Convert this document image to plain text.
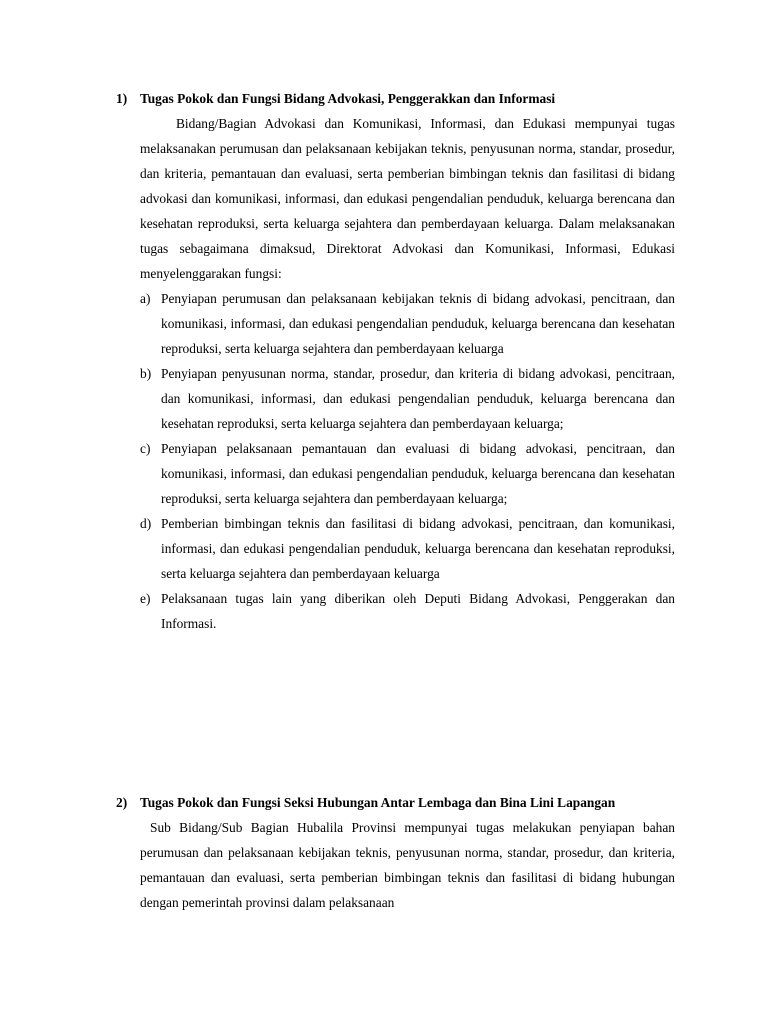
1) Tugas Pokok dan Fungsi Bidang Advokasi, Penggerakkan dan Informasi
Bidang/Bagian Advokasi dan Komunikasi, Informasi, dan Edukasi mempunyai tugas melaksanakan perumusan dan pelaksanaan kebijakan teknis, penyusunan norma, standar, prosedur, dan kriteria, pemantauan dan evaluasi, serta pemberian bimbingan teknis dan fasilitasi di bidang advokasi dan komunikasi, informasi, dan edukasi pengendalian penduduk, keluarga berencana dan kesehatan reproduksi, serta keluarga sejahtera dan pemberdayaan keluarga. Dalam melaksanakan tugas sebagaimana dimaksud, Direktorat Advokasi dan Komunikasi, Informasi, Edukasi menyelenggarakan fungsi:
a) Penyiapan perumusan dan pelaksanaan kebijakan teknis di bidang advokasi, pencitraan, dan komunikasi, informasi, dan edukasi pengendalian penduduk, keluarga berencana dan kesehatan reproduksi, serta keluarga sejahtera dan pemberdayaan keluarga
b) Penyiapan penyusunan norma, standar, prosedur, dan kriteria di bidang advokasi, pencitraan, dan komunikasi, informasi, dan edukasi pengendalian penduduk, keluarga berencana dan kesehatan reproduksi, serta keluarga sejahtera dan pemberdayaan keluarga;
c) Penyiapan pelaksanaan pemantauan dan evaluasi di bidang advokasi, pencitraan, dan komunikasi, informasi, dan edukasi pengendalian penduduk, keluarga berencana dan kesehatan reproduksi, serta keluarga sejahtera dan pemberdayaan keluarga;
d) Pemberian bimbingan teknis dan fasilitasi di bidang advokasi, pencitraan, dan komunikasi, informasi, dan edukasi pengendalian penduduk, keluarga berencana dan kesehatan reproduksi, serta keluarga sejahtera dan pemberdayaan keluarga
e) Pelaksanaan tugas lain yang diberikan oleh Deputi Bidang Advokasi, Penggerakan dan Informasi.
2) Tugas Pokok dan Fungsi Seksi Hubungan Antar Lembaga dan Bina Lini Lapangan
Sub Bidang/Sub Bagian Hubalila Provinsi mempunyai tugas melakukan penyiapan bahan perumusan dan pelaksanaan kebijakan teknis, penyusunan norma, standar, prosedur, dan kriteria, pemantauan dan evaluasi, serta pemberian bimbingan teknis dan fasilitasi di bidang hubungan dengan pemerintah provinsi dalam pelaksanaan
